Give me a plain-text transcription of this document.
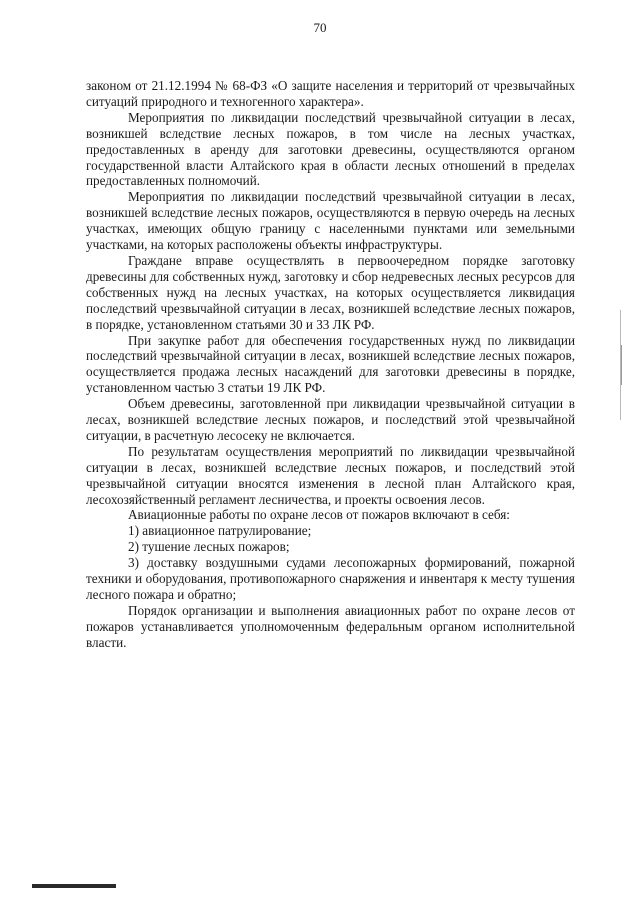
70

законом от 21.12.1994 № 68-ФЗ «О защите населения и территорий от чрезвычайных ситуаций природного и техногенного характера».

Мероприятия по ликвидации последствий чрезвычайной ситуации в лесах, возникшей вследствие лесных пожаров, в том числе на лесных участках, предоставленных в аренду для заготовки древесины, осуществляются органом государственной власти Алтайского края в области лесных отношений в пределах предоставленных полномочий.

Мероприятия по ликвидации последствий чрезвычайной ситуации в лесах, возникшей вследствие лесных пожаров, осуществляются в первую очередь на лесных участках, имеющих общую границу с населенными пунктами или земельными участками, на которых расположены объекты инфраструктуры.

Граждане вправе осуществлять в первоочередном порядке заготовку древесины для собственных нужд, заготовку и сбор недревесных лесных ресурсов для собственных нужд на лесных участках, на которых осуществляется ликвидация последствий чрезвычайной ситуации в лесах, возникшей вследствие лесных пожаров, в порядке, установленном статьями 30 и 33 ЛК РФ.

При закупке работ для обеспечения государственных нужд по ликвидации последствий чрезвычайной ситуации в лесах, возникшей вследствие лесных пожаров, осуществляется продажа лесных насаждений для заготовки древесины в порядке, установленном частью 3 статьи 19 ЛК РФ.

Объем древесины, заготовленной при ликвидации чрезвычайной ситуации в лесах, возникшей вследствие лесных пожаров, и последствий этой чрезвычайной ситуации, в расчетную лесосеку не включается.

По результатам осуществления мероприятий по ликвидации чрезвычайной ситуации в лесах, возникшей вследствие лесных пожаров, и последствий этой чрезвычайной ситуации вносятся изменения в лесной план Алтайского края, лесохозяйственный регламент лесничества, и проекты освоения лесов.

Авиационные работы по охране лесов от пожаров включают в себя:

1) авиационное патрулирование;

2) тушение лесных пожаров;

3) доставку воздушными судами лесопожарных формирований, пожарной техники и оборудования, противопожарного снаряжения и инвентаря к месту тушения лесного пожара и обратно;

Порядок организации и выполнения авиационных работ по охране лесов от пожаров устанавливается уполномоченным федеральным органом исполнительной власти.
